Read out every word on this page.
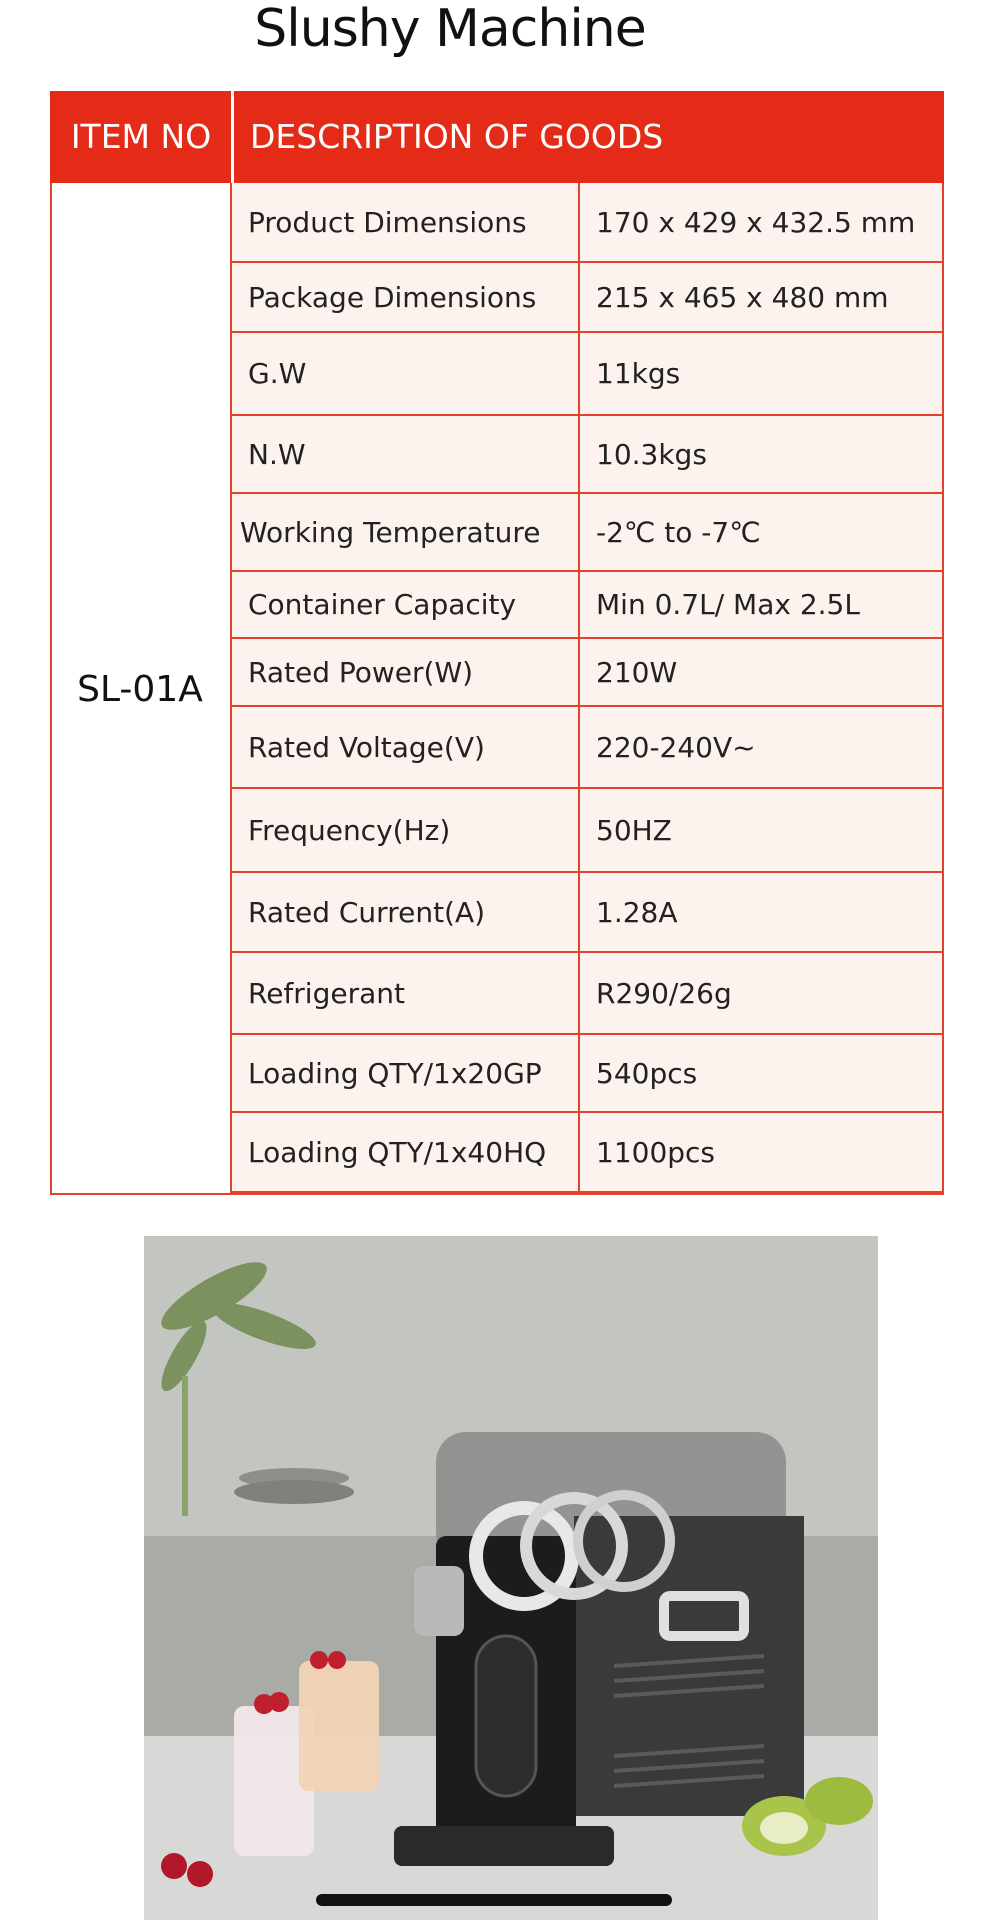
Slushy Machine
ITEM NO	DESCRIPTION OF GOODS
SL-01A
Product Dimensions 170 x 429 x 432.5 mm
Package Dimensions 215 x 465 x 480 mm
G.W	11kgs
N.W	10.3kgs
Working Temperature -2℃ to -7℃
Container Capacity	Min 0.7L/ Max 2.5L
Rated Power(W)	210W
Rated Voltage(V)	220-240V~
Frequency(Hz)	50HZ
Rated Current(A)	1.28A
Refrigerant	R290/26g
Loading QTY/1x20GP 540pcs
Loading QTY/1x40HQ 1100pcs
